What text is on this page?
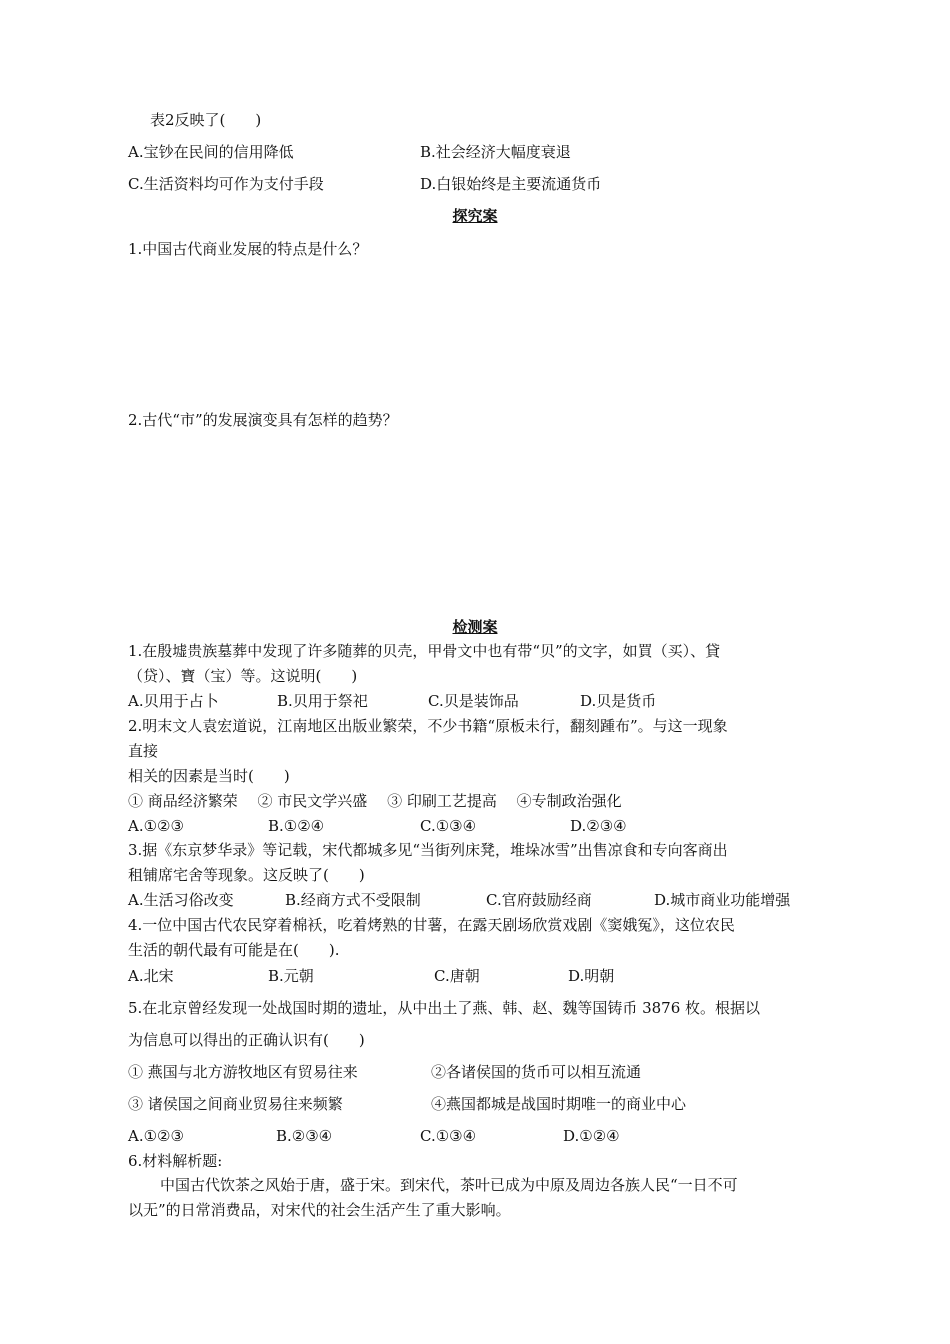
表2反映了(　　)
A.宝钞在民间的信用降低	B.社会经济大幅度衰退
C.生活资料均可作为支付手段	D.白银始终是主要流通货币
探究案
1.中国古代商业发展的特点是什么？
2.古代“市”的发展演变具有怎样的趋势？
检测案
1.在殷墟贵族墓葬中发现了许多随葬的贝壳，甲骨文中也有带“贝”的文字，如買（买）、貸
（贷）、寶（宝）等。这说明(　　)
A.贝用于占卜	B.贝用于祭祀	C.贝是装饰品	D.贝是货币
2.明末文人袁宏道说，江南地区出版业繁荣，不少书籍“原板未行，翻刻踵布”。与这一现象
直接
相关的因素是当时(　　)
① 商品经济繁荣　 ② 市民文学兴盛　 ③ 印刷工艺提高　 ④专制政治强化
A.①②③	B.①②④	C.①③④	D.②③④
3.据《东京梦华录》等记载，宋代都城多见“当街列床凳，堆垛冰雪”出售凉食和专向客商出
租铺席宅舍等现象。这反映了(　　)
A.生活习俗改变	B.经商方式不受限制	C.官府鼓励经商	D.城市商业功能增强
4.一位中国古代农民穿着棉袄，吃着烤熟的甘薯，在露天剧场欣赏戏剧《窦娥冤》，这位农民
生活的朝代最有可能是在(　　).
A.北宋	B.元朝	C.唐朝	D.明朝
5.在北京曾经发现一处战国时期的遗址，从中出土了燕、韩、赵、魏等国铸币 3876 枚。根据以
为信息可以得出的正确认识有(　　)
① 燕国与北方游牧地区有贸易往来	②各诸侯国的货币可以相互流通
③ 诸侯国之间商业贸易往来频繁	④燕国都城是战国时期唯一的商业中心
A.①②③	B.②③④	C.①③④	D.①②④
6.材料解析题:
中国古代饮茶之风始于唐，盛于宋。到宋代，茶叶已成为中原及周边各族人民“一日不可
以无”的日常消费品，对宋代的社会生活产生了重大影响。
